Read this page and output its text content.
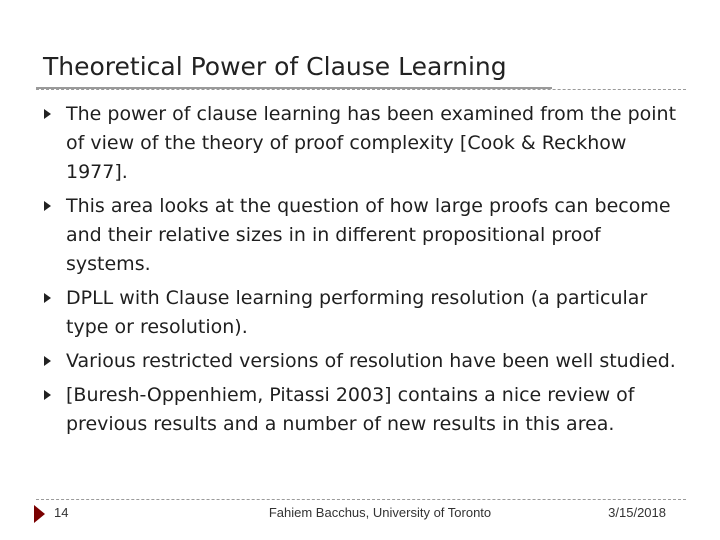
Theoretical Power of Clause Learning
The power of clause learning has been examined from the point of view of the theory of proof complexity [Cook & Reckhow 1977].
This area looks at the question of how large proofs can become and their relative sizes in in different propositional proof systems.
DPLL with Clause learning performing resolution (a particular type or resolution).
Various restricted versions of resolution have been well studied.
[Buresh-Oppenhiem, Pitassi 2003] contains a nice review of previous results and a number of new results in this area.
14	Fahiem Bacchus, University of Toronto	3/15/2018
